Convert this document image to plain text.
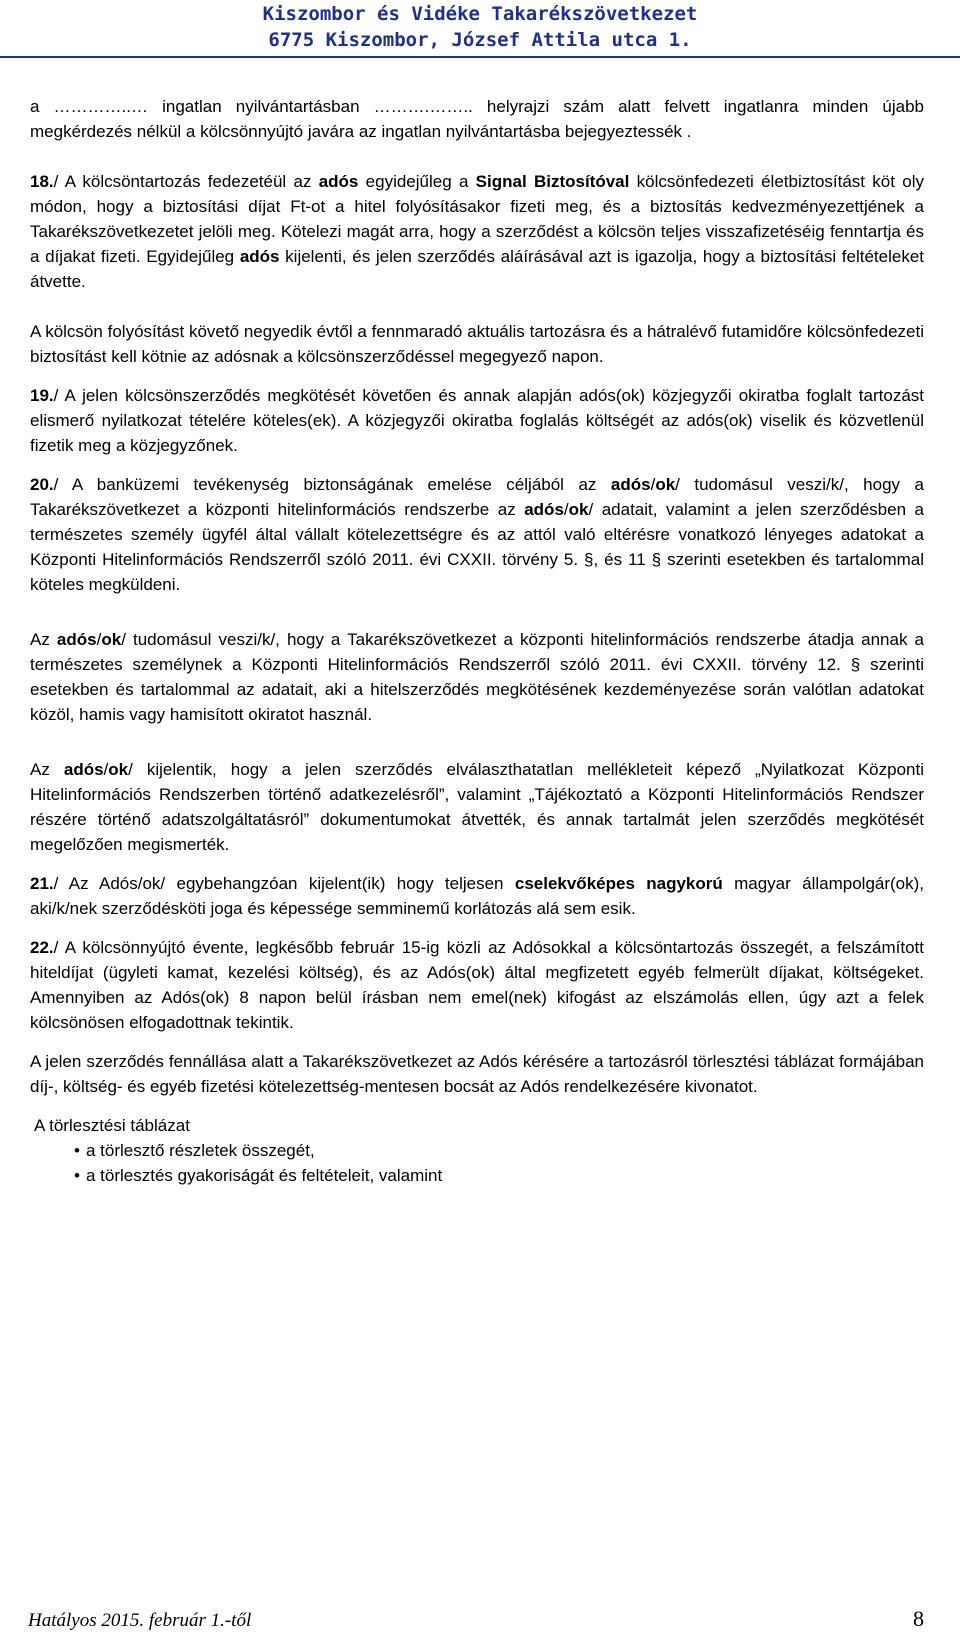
Kiszombor és Vidéke Takarékszövetkezet
6775 Kiszombor, József Attila utca 1.

a …………..… ingatlan nyilvántartásban ……….…….. helyrajzi szám alatt felvett ingatlanra minden újabb megkérdezés nélkül a kölcsönnyújtó javára az ingatlan nyilvántartásba bejegyeztessék .

18./ A kölcsöntartozás fedezetéül az adós egyidejűleg a Signal Biztosítóval kölcsönfedezeti életbiztosítást köt oly módon, hogy a biztosítási díjat Ft-ot a hitel folyósításakor fizeti meg, és a biztosítás kedvezményezettjének a Takarékszövetkezetet jelöli meg. Kötelezi magát arra, hogy a szerződést a kölcsön teljes visszafizetéséig fenntartja és a díjakat fizeti. Egyidejűleg adós kijelenti, és jelen szerződés aláírásával azt is igazolja, hogy a biztosítási feltételeket átvette.

A kölcsön folyósítást követő negyedik évtől a fennmaradó aktuális tartozásra és a hátralévő futamidőre kölcsönfedezeti biztosítást kell kötnie az adósnak a kölcsönszerződéssel megegyező napon.

19./ A jelen kölcsönszerződés megkötését követően és annak alapján adós(ok) közjegyzői okiratba foglalt tartozást elismerő nyilatkozat tételére köteles(ek). A közjegyzői okiratba foglalás költségét az adós(ok) viselik és közvetlenül fizetik meg a közjegyzőnek.

20./ A banküzemi tevékenység biztonságának emelése céljából az adós/ok/ tudomásul veszi/k/, hogy a Takarékszövetkezet a központi hitelinformációs rendszerbe az adós/ok/ adatait, valamint a jelen szerződésben a természetes személy ügyfél által vállalt kötelezettségre és az attól való eltérésre vonatkozó lényeges adatokat a Központi Hitelinformációs Rendszerről szóló 2011. évi CXXII. törvény 5. §, és 11 § szerinti esetekben és tartalommal köteles megküldeni.

Az adós/ok/ tudomásul veszi/k/, hogy a Takarékszövetkezet a központi hitelinformációs rendszerbe átadja annak a természetes személynek a Központi Hitelinformációs Rendszerről szóló 2011. évi CXXII. törvény 12. § szerinti esetekben és tartalommal az adatait, aki a hitelszerződés megkötésének kezdeményezése során valótlan adatokat közöl, hamis vagy hamisított okiratot használ.

Az adós/ok/ kijelentik, hogy a jelen szerződés elválaszthatatlan mellékleteit képező „Nyilatkozat Központi Hitelinformációs Rendszerben történő adatkezelésről”, valamint „Tájékoztató a Központi Hitelinformációs Rendszer részére történő adatszolgáltatásról” dokumentumokat átvették, és annak tartalmát jelen szerződés megkötését megelőzően megismerték.

21./ Az Adós/ok/ egybehangzóan kijelent(ik) hogy teljesen cselekvőképes nagykorú magyar állampolgár(ok), aki/k/nek szerződésköti joga és képessége semminemű korlátozás alá sem esik.

22./ A kölcsönnyújtó évente, legkésőbb február 15-ig közli az Adósokkal a kölcsöntartozás összegét, a felszámított hiteldíjat (ügyleti kamat, kezelési költség), és az Adós(ok) által megfizetett egyéb felmerült díjakat, költségeket. Amennyiben az Adós(ok) 8 napon belül írásban nem emel(nek) kifogást az elszámolás ellen, úgy azt a felek kölcsönösen elfogadottnak tekintik.

A jelen szerződés fennállása alatt a Takarékszövetkezet az Adós kérésére a tartozásról törlesztési táblázat formájában díj-, költség- és egyéb fizetési kötelezettség-mentesen bocsát az Adós rendelkezésére kivonatot.

A törlesztési táblázat

• a törlesztő részletek összegét,
• a törlesztés gyakoriságát és feltételeit, valamint
Hatályos 2015. február 1.-től	8
